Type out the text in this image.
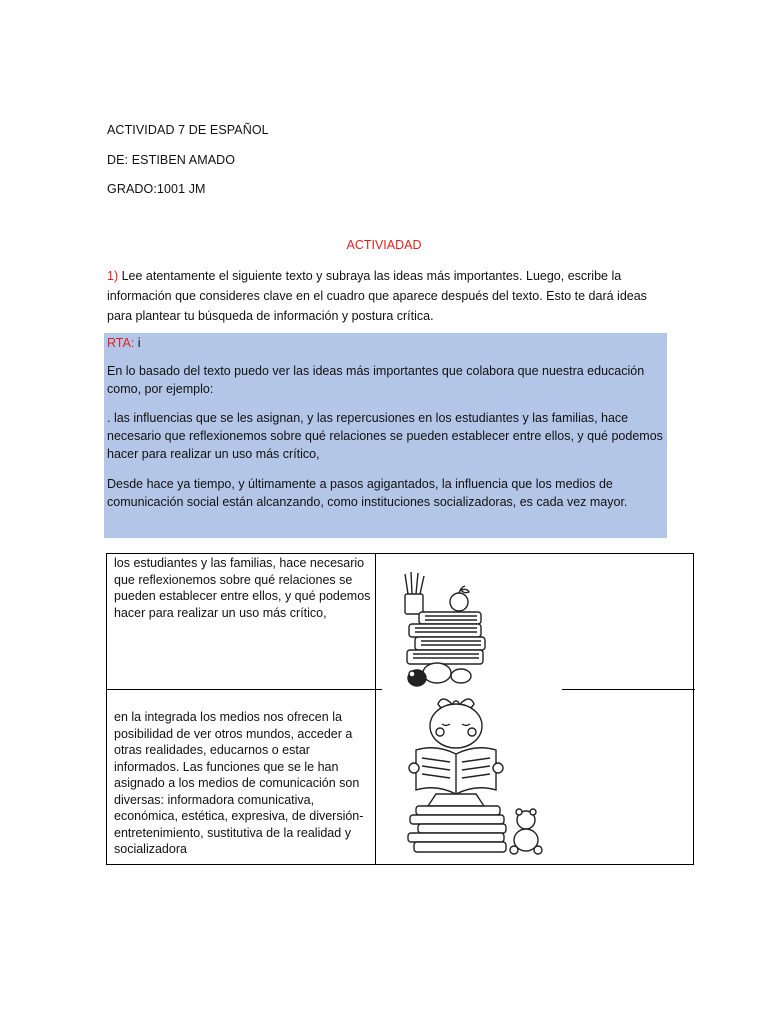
ACTIVIDAD 7 DE ESPAÑOL
DE: ESTIBEN AMADO
GRADO:1001 JM
ACTIVIADAD
1) Lee atentamente el siguiente texto y subraya las ideas más importantes. Luego, escribe la información que consideres clave en el cuadro que aparece después del texto. Esto te dará ideas para plantear tu búsqueda de información y postura crítica.

RTA: i

En lo basado del texto puedo ver las ideas más importantes que colabora que nuestra educación como, por ejemplo:

. las influencias que se les asignan, y las repercusiones en los estudiantes y las familias, hace necesario que reflexionemos sobre qué relaciones se pueden establecer entre ellos, y qué podemos hacer para realizar un uso más crítico,

Desde hace ya tiempo, y últimamente a pasos agigantados, la influencia que los medios de comunicación social están alcanzando, como instituciones socializadoras, es cada vez mayor.

los estudiantes y las familias, hace necesario que reflexionemos sobre qué relaciones se pueden establecer entre ellos, y qué podemos hacer para realizar un uso más crítico,
en la integrada los medios nos ofrecen la posibilidad de ver otros mundos, acceder a otras realidades, educarnos o estar informados. Las funciones que se le han asignado a los medios de comunicación son diversas: informadora comunicativa, económica, estética, expresiva, de diversión-entretenimiento, sustitutiva de la realidad y socializadora
